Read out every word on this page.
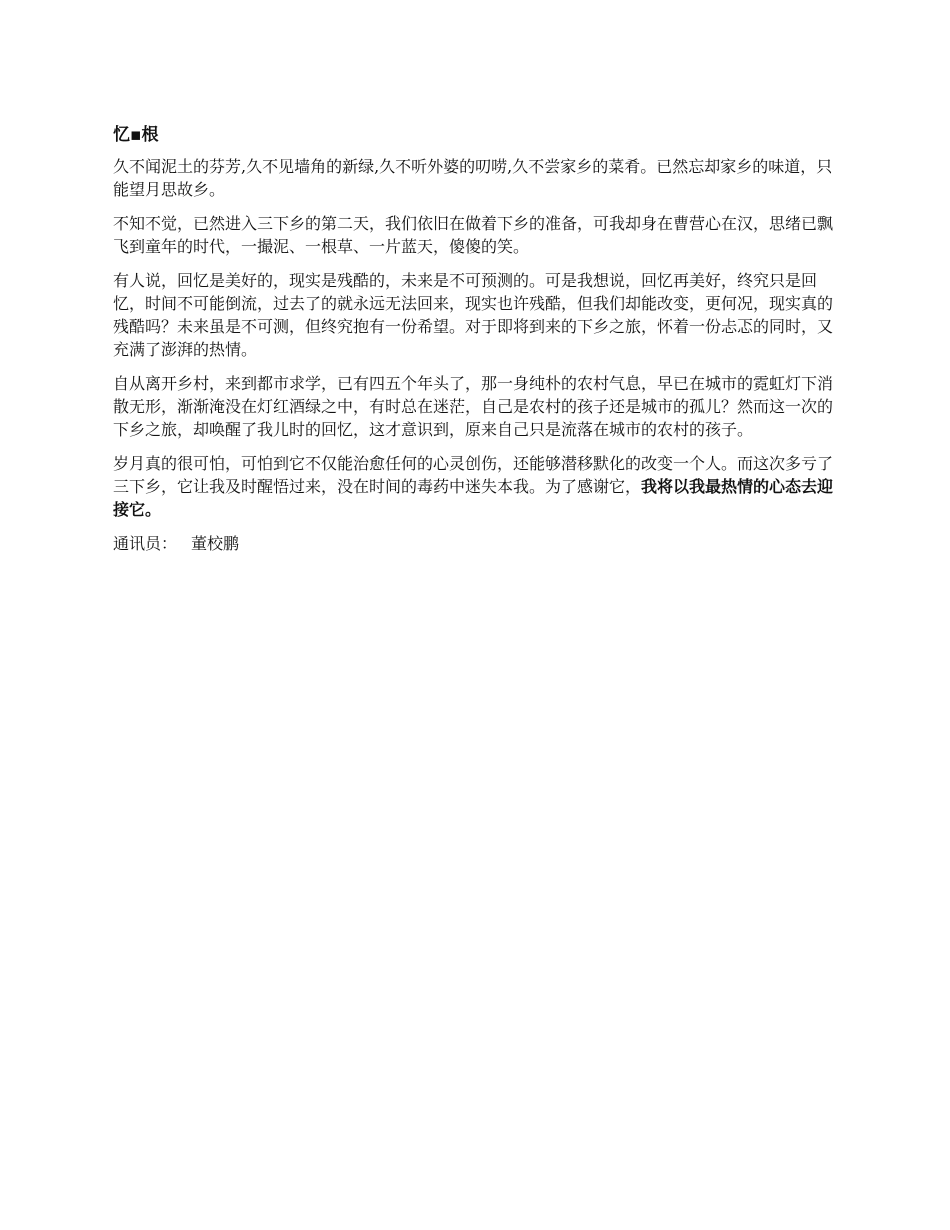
忆▪根

久不闻泥土的芬芳,久不见墙角的新绿,久不听外婆的叨唠,久不尝家乡的菜肴。已然忘却家乡的味道，只能望月思故乡。

不知不觉，已然进入三下乡的第二天，我们依旧在做着下乡的准备，可我却身在曹营心在汉，思绪已飘飞到童年的时代，一撮泥、一根草、一片蓝天，傻傻的笑。

有人说，回忆是美好的，现实是残酷的，未来是不可预测的。可是我想说，回忆再美好，终究只是回忆，时间不可能倒流，过去了的就永远无法回来，现实也许残酷，但我们却能改变，更何况，现实真的残酷吗？未来虽是不可测，但终究抱有一份希望。对于即将到来的下乡之旅，怀着一份忐忑的同时，又充满了澎湃的热情。

自从离开乡村，来到都市求学，已有四五个年头了，那一身纯朴的农村气息，早已在城市的霓虹灯下消散无形，渐渐淹没在灯红酒绿之中，有时总在迷茫，自己是农村的孩子还是城市的孤儿？然而这一次的下乡之旅，却唤醒了我儿时的回忆，这才意识到，原来自己只是流落在城市的农村的孩子。

岁月真的很可怕，可怕到它不仅能治愈任何的心灵创伤，还能够潜移默化的改变一个人。而这次多亏了三下乡，它让我及时醒悟过来，没在时间的毒药中迷失本我。为了感谢它，我将以我最热情的心态去迎接它。

通讯员： 董校鹏
